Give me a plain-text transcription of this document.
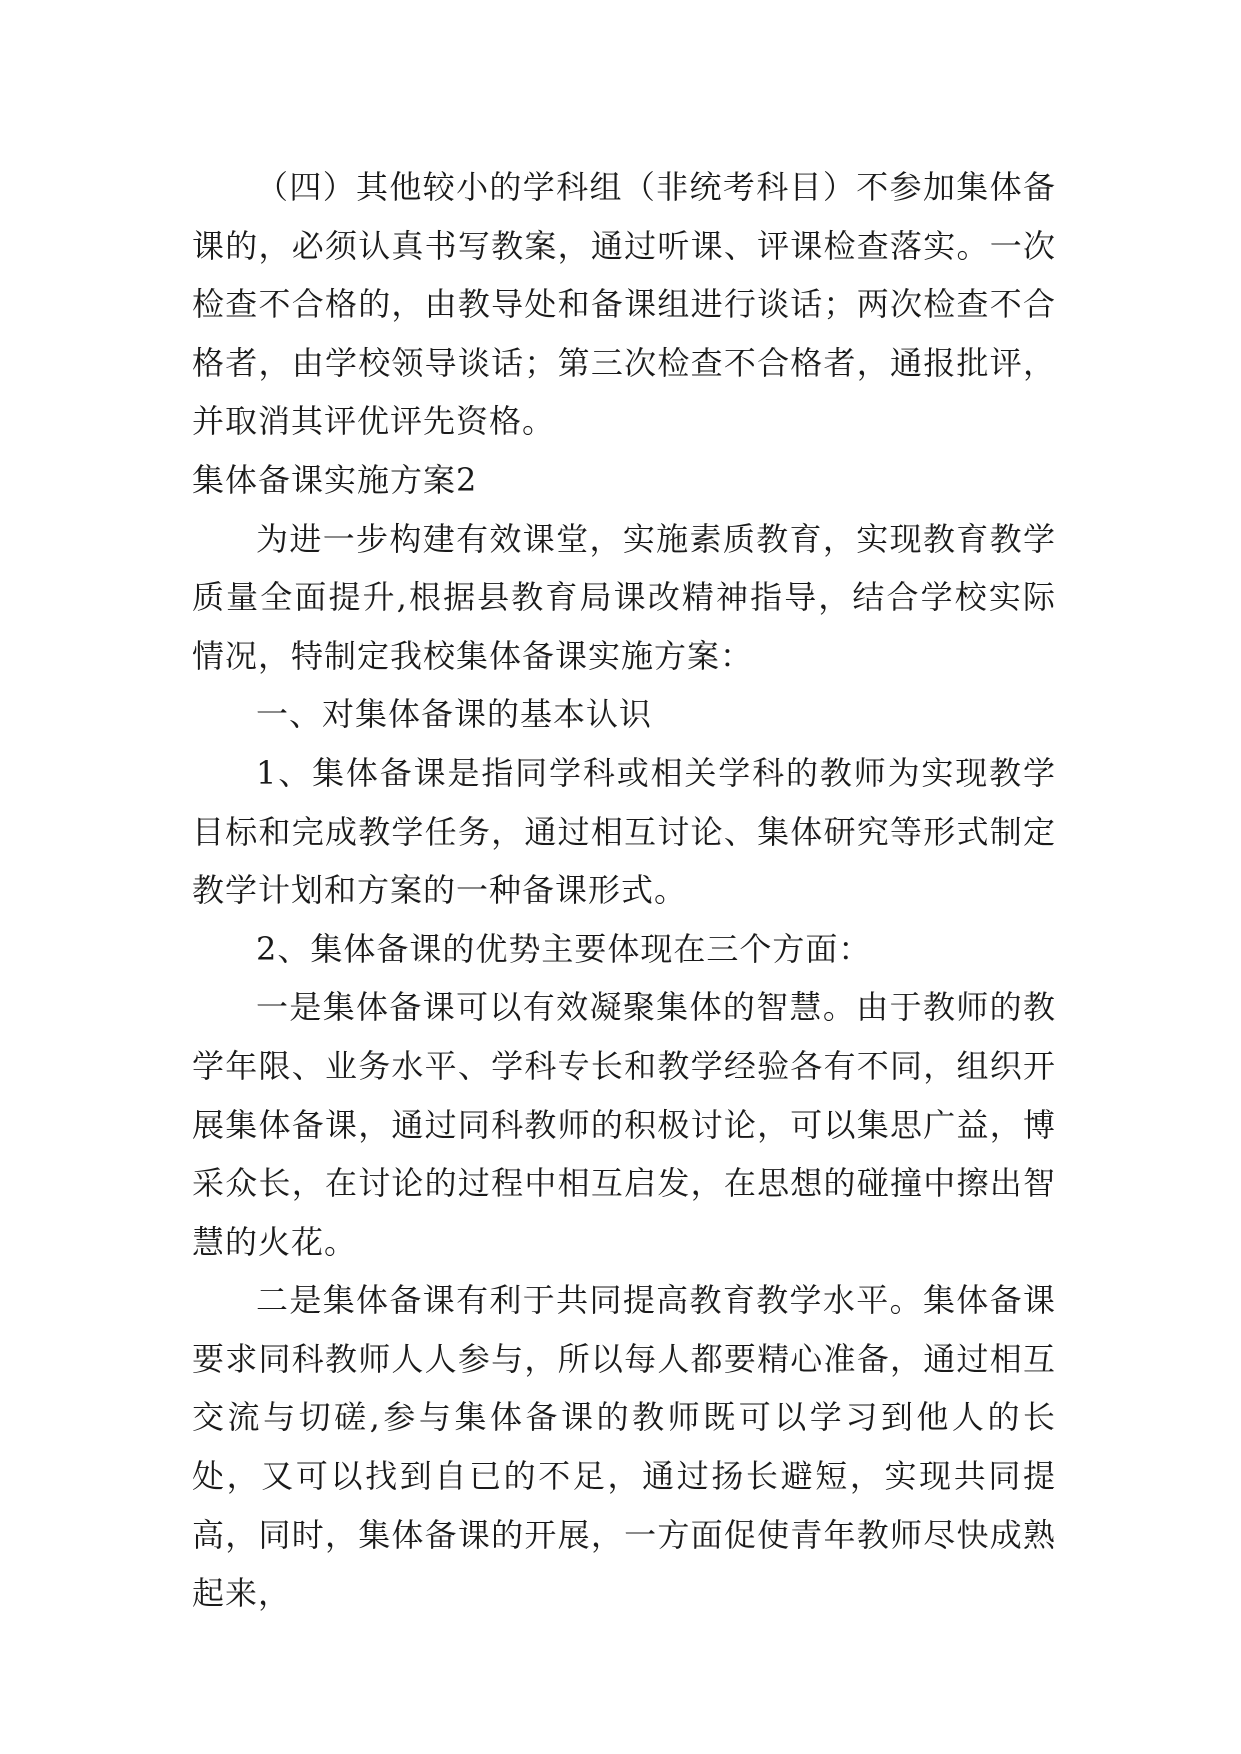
（四）其他较小的学科组（非统考科目）不参加集体备课的，必须认真书写教案，通过听课、评课检查落实。一次检查不合格的，由教导处和备课组进行谈话；两次检查不合格者，由学校领导谈话；第三次检查不合格者，通报批评，并取消其评优评先资格。

集体备课实施方案2

为进一步构建有效课堂，实施素质教育，实现教育教学质量全面提升,根据县教育局课改精神指导，结合学校实际情况，特制定我校集体备课实施方案：

一、对集体备课的基本认识

1、集体备课是指同学科或相关学科的教师为实现教学目标和完成教学任务，通过相互讨论、集体研究等形式制定教学计划和方案的一种备课形式。

2、集体备课的优势主要体现在三个方面：

一是集体备课可以有效凝聚集体的智慧。由于教师的教学年限、业务水平、学科专长和教学经验各有不同，组织开展集体备课，通过同科教师的积极讨论，可以集思广益，博采众长，在讨论的过程中相互启发，在思想的碰撞中擦出智慧的火花。

二是集体备课有利于共同提高教育教学水平。集体备课要求同科教师人人参与，所以每人都要精心准备，通过相互交流与切磋,参与集体备课的教师既可以学习到他人的长处，又可以找到自已的不足，通过扬长避短，实现共同提高，同时，集体备课的开展，一方面促使青年教师尽快成熟起来，
